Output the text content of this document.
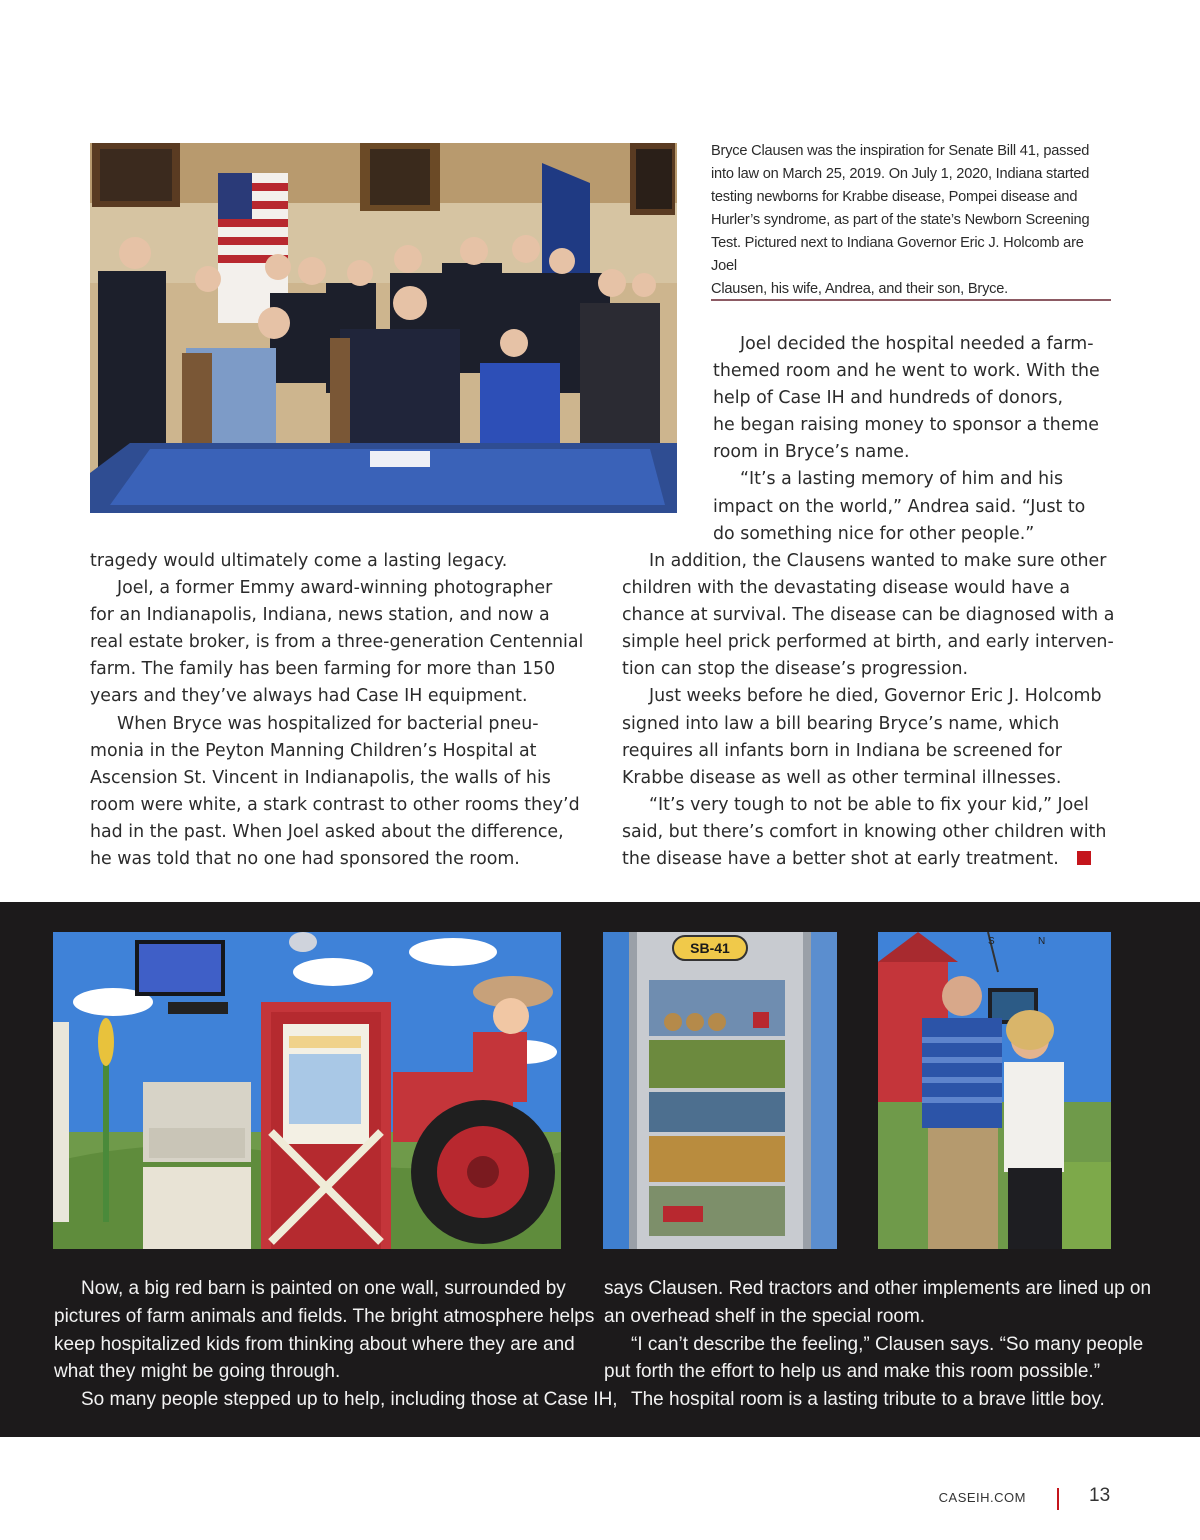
Bryce Clausen was the inspiration for Senate Bill 41, passed
into law on March 25, 2019. On July 1, 2020, Indiana started
testing newborns for Krabbe disease, Pompei disease and
Hurler’s syndrome, as part of the state’s Newborn Screening
Test. Pictured next to Indiana Governor Eric J. Holcomb are Joel
Clausen, his wife, Andrea, and their son, Bryce.

Joel decided the hospital needed a farm-

themed room and he went to work. With the

help of Case IH and hundreds of donors,

he began raising money to sponsor a theme

room in Bryce’s name.

“It’s a lasting memory of him and his

impact on the world,” Andrea said. “Just to

do something nice for other people.”

tragedy would ultimately come a lasting legacy.

Joel, a former Emmy award-winning photographer

for an Indianapolis, Indiana, news station, and now a

real estate broker, is from a three-generation Centennial

farm. The family has been farming for more than 150

years and they’ve always had Case IH equipment.

When Bryce was hospitalized for bacterial pneu-

monia in the Peyton Manning Children’s Hospital at

Ascension St. Vincent in Indianapolis, the walls of his

room were white, a stark contrast to other rooms they’d

had in the past. When Joel asked about the difference,

he was told that no one had sponsored the room.

In addition, the Clausens wanted to make sure other

children with the devastating disease would have a

chance at survival. The disease can be diagnosed with a

simple heel prick performed at birth, and early interven-

tion can stop the disease’s progression.

Just weeks before he died, Governor Eric J. Holcomb

signed into law a bill bearing Bryce’s name, which

requires all infants born in Indiana be screened for

Krabbe disease as well as other terminal illnesses.

“It’s very tough to not be able to fix your kid,” Joel

said, but there’s comfort in knowing other children with

the disease have a better shot at early treatment.

SB-41	S	N

Now, a big red barn is painted on one wall, surrounded by

pictures of farm animals and fields. The bright atmosphere helps

keep hospitalized kids from thinking about where they are and

what they might be going through.

So many people stepped up to help, including those at Case IH,

says Clausen. Red tractors and other implements are lined up on

an overhead shelf in the special room.

“I can’t describe the feeling,” Clausen says. “So many people

put forth the effort to help us and make this room possible.”

The hospital room is a lasting tribute to a brave little boy.

CASEIH.COM	13
